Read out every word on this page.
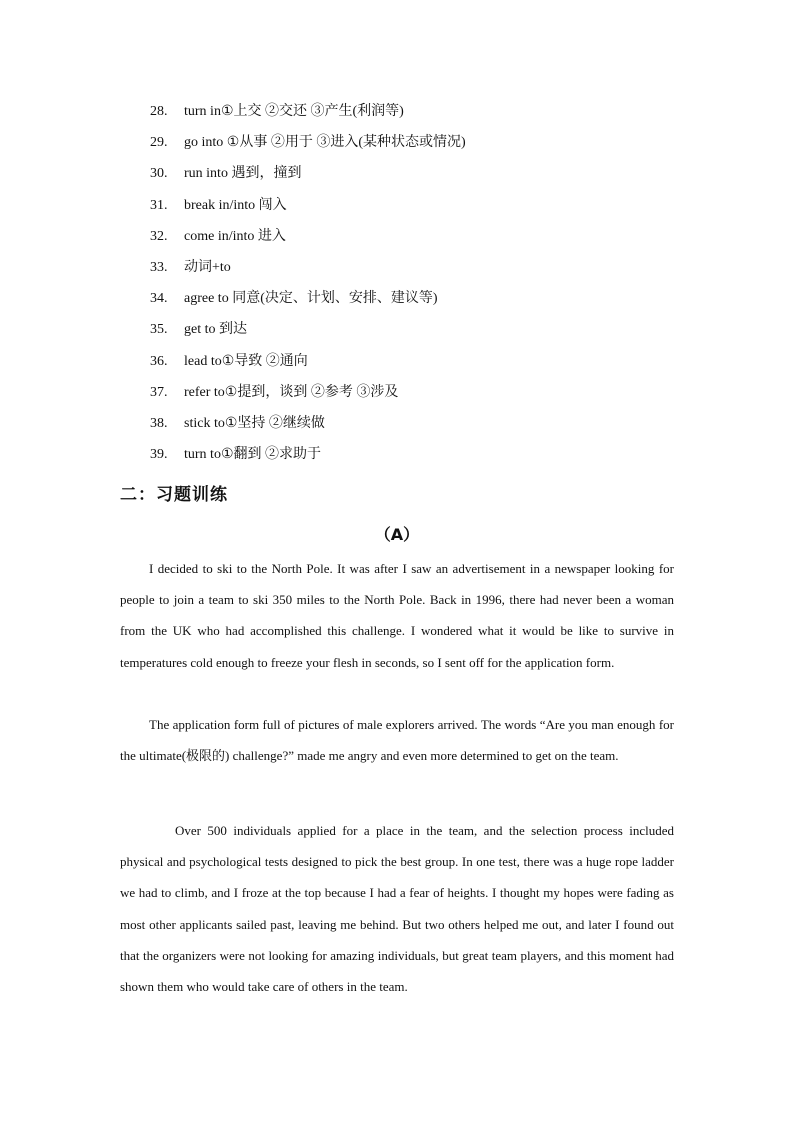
28. turn in①上交 ②交还 ③产生(利润等)
29. go into ①从事 ②用于 ③进入(某种状态或情况)
30. run into 遇到，撞到
31. break in/into 闯入
32. come in/into 进入
33. 动词+to
34. agree to 同意(决定、计划、安排、建议等)
35. get to 到达
36. lead to①导致 ②通向
37. refer to①提到，谈到 ②参考 ③涉及
38. stick to①坚持 ②继续做
39. turn to①翻到 ②求助于
二：习题训练
（A）

I decided to ski to the North Pole. It was after I saw an advertisement in a newspaper looking for people to join a team to ski 350 miles to the North Pole. Back in 1996, there had never been a woman from the UK who had accomplished this challenge. I wondered what it would be like to survive in temperatures cold enough to freeze your flesh in seconds, so I sent off for the application form.

The application form full of pictures of male explorers arrived. The words “Are you man enough for the ultimate(极限的) challenge?” made me angry and even more determined to get on the team.

Over 500 individuals applied for a place in the team, and the selection process included physical and psychological tests designed to pick the best group. In one test, there was a huge rope ladder we had to climb, and I froze at the top because I had a fear of heights. I thought my hopes were fading as most other applicants sailed past, leaving me behind. But two others helped me out, and later I found out that the organizers were not looking for amazing individuals, but great team players, and this moment had shown them who would take care of others in the team.
